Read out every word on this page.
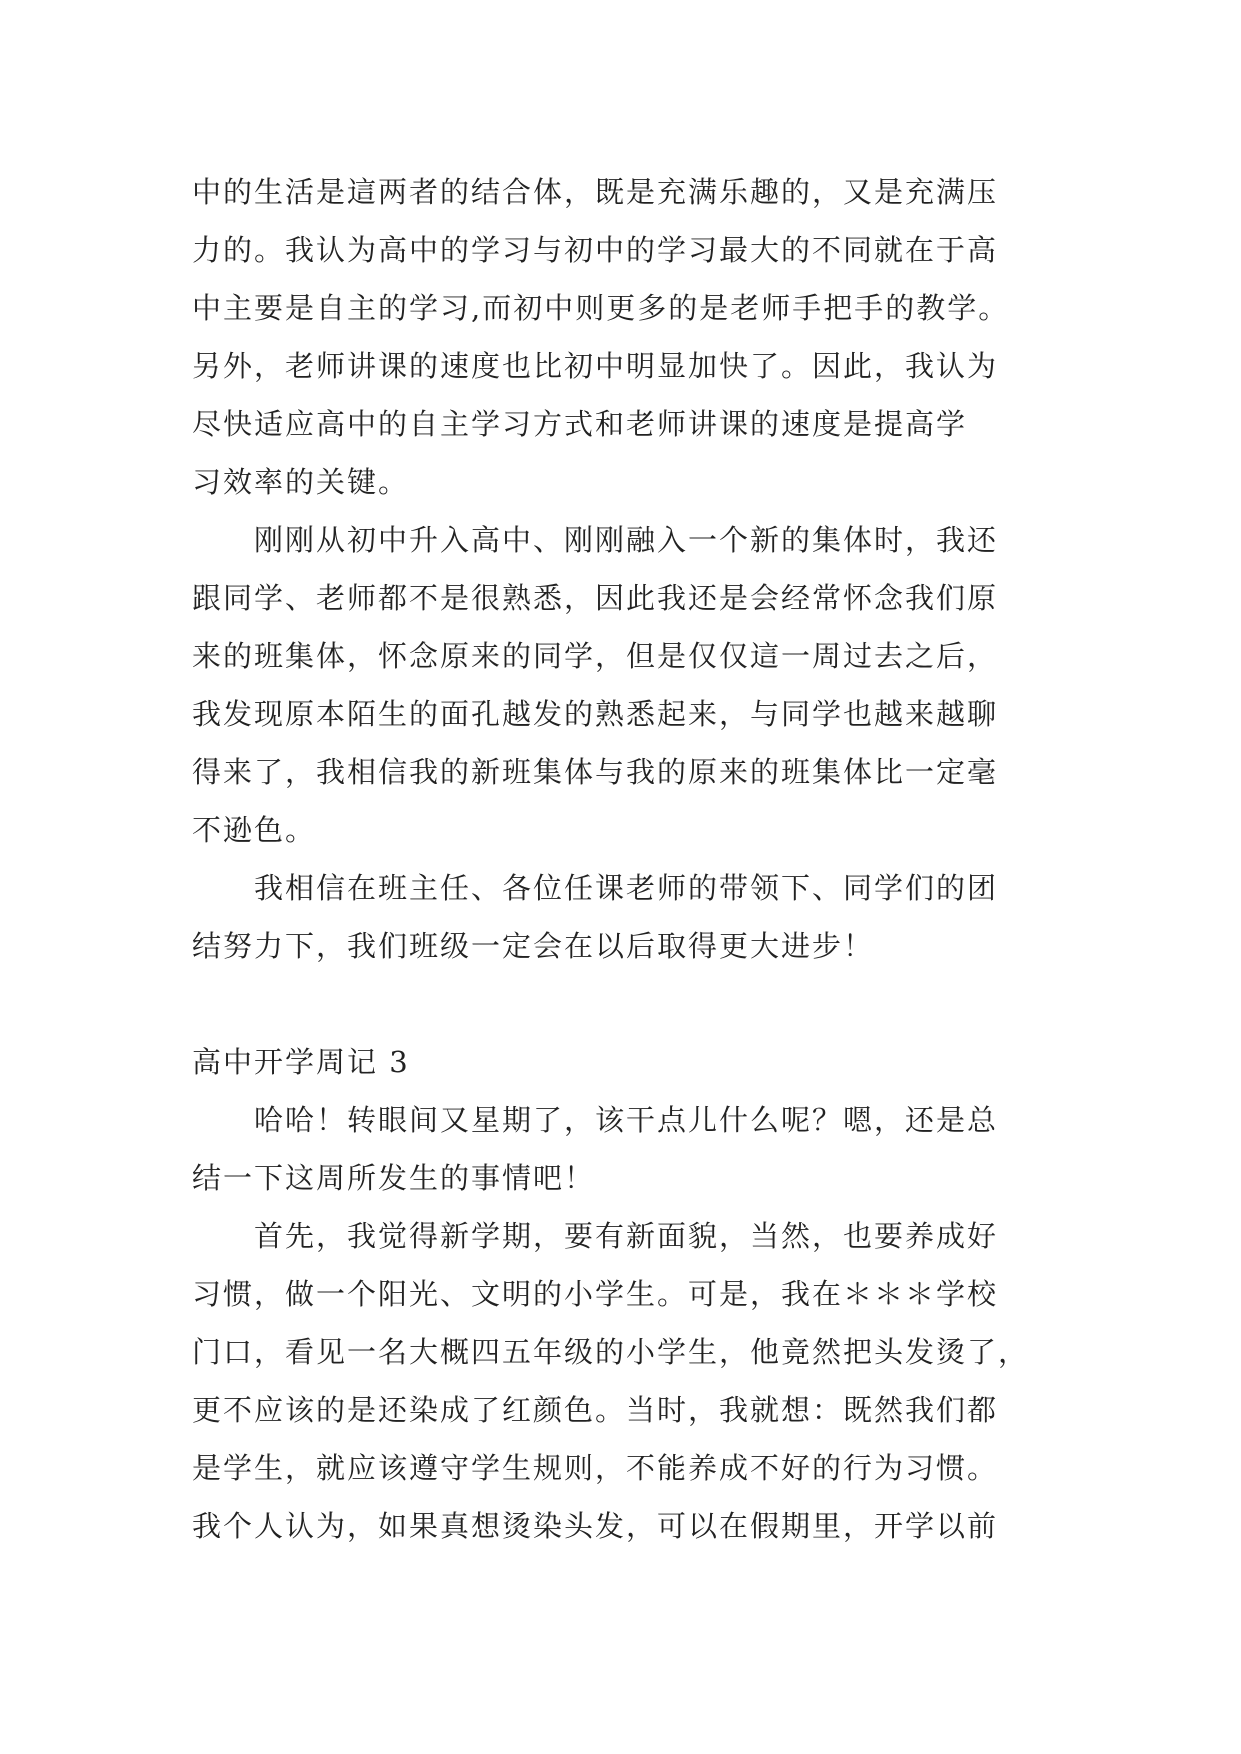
中的生活是這两者的结合体，既是充满乐趣的，又是充满压
力的。我认为高中的学习与初中的学习最大的不同就在于高
中主要是自主的学习,而初中则更多的是老师手把手的教学。
另外，老师讲课的速度也比初中明显加快了。因此，我认为
尽快适应高中的自主学习方式和老师讲课的速度是提高学
习效率的关键。
刚刚从初中升入高中、刚刚融入一个新的集体时，我还
跟同学、老师都不是很熟悉，因此我还是会经常怀念我们原
来的班集体，怀念原来的同学，但是仅仅這一周过去之后，
我发现原本陌生的面孔越发的熟悉起来，与同学也越来越聊
得来了，我相信我的新班集体与我的原来的班集体比一定毫
不逊色。
我相信在班主任、各位任课老师的带领下、同学们的团
结努力下，我们班级一定会在以后取得更大进步！
高中开学周记 3
哈哈！转眼间又星期了，该干点儿什么呢？嗯，还是总
结一下这周所发生的事情吧！
首先，我觉得新学期，要有新面貌，当然，也要养成好
习惯，做一个阳光、文明的小学生。可是，我在＊＊＊学校
门口，看见一名大概四五年级的小学生，他竟然把头发烫了，
更不应该的是还染成了红颜色。当时，我就想：既然我们都
是学生，就应该遵守学生规则，不能养成不好的行为习惯。
我个人认为，如果真想烫染头发，可以在假期里，开学以前
